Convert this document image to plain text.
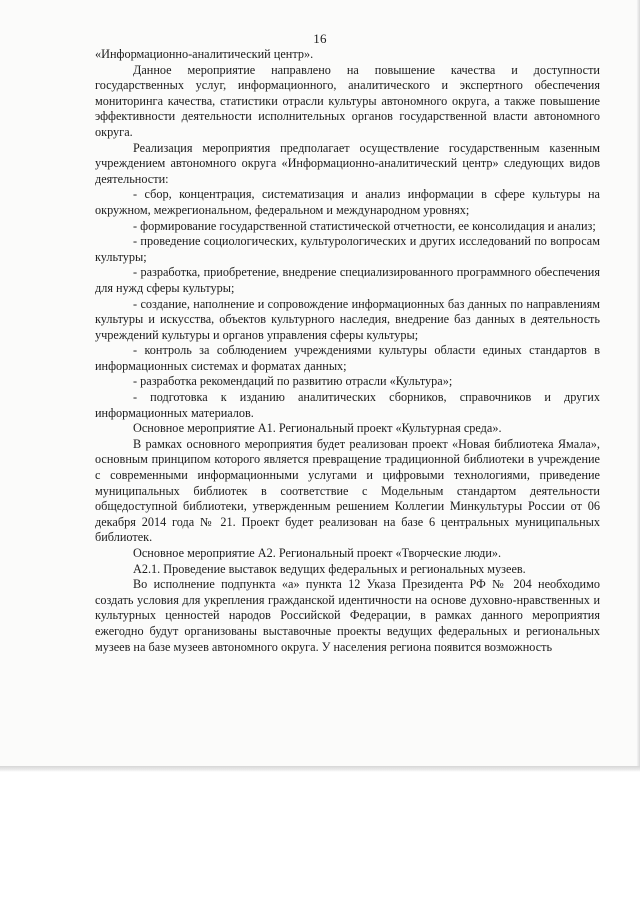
16

«Информационно-аналитический центр».

Данное мероприятие направлено на повышение качества и доступности государственных услуг, информационного, аналитического и экспертного обеспечения мониторинга качества, статистики отрасли культуры автономного округа, а также повышение эффективности деятельности исполнительных органов государственной власти автономного округа.

Реализация мероприятия предполагает осуществление государственным казенным учреждением автономного округа «Информационно-аналитический центр» следующих видов деятельности:

- сбор, концентрация, систематизация и анализ информации в сфере культуры на окружном, межрегиональном, федеральном и международном уровнях;

- формирование государственной статистической отчетности, ее консолидация и анализ;

- проведение социологических, культурологических и других исследований по вопросам культуры;

- разработка, приобретение, внедрение специализированного программного обеспечения для нужд сферы культуры;

- создание, наполнение и сопровождение информационных баз данных по направлениям культуры и искусства, объектов культурного наследия, внедрение баз данных в деятельность учреждений культуры и органов управления сферы культуры;

- контроль за соблюдением учреждениями культуры области единых стандартов в информационных системах и форматах данных;

- разработка рекомендаций по развитию отрасли «Культура»;

- подготовка к изданию аналитических сборников, справочников и других информационных материалов.

Основное мероприятие А1. Региональный проект «Культурная среда».

В рамках основного мероприятия будет реализован проект «Новая библиотека Ямала», основным принципом которого является превращение традиционной библиотеки в учреждение с современными информационными услугами и цифровыми технологиями, приведение муниципальных библиотек в соответствие с Модельным стандартом деятельности общедоступной библиотеки, утвержденным решением Коллегии Минкультуры России от 06 декабря 2014 года № 21. Проект будет реализован на базе 6 центральных муниципальных библиотек.

Основное мероприятие А2. Региональный проект «Творческие люди».

А2.1. Проведение выставок ведущих федеральных и региональных музеев.

Во исполнение подпункта «а» пункта 12 Указа Президента РФ № 204 необходимо создать условия для укрепления гражданской идентичности на основе духовно-нравственных и культурных ценностей народов Российской Федерации, в рамках данного мероприятия ежегодно будут организованы выставочные проекты ведущих федеральных и региональных музеев на базе музеев автономного округа. У населения региона появится возможность
